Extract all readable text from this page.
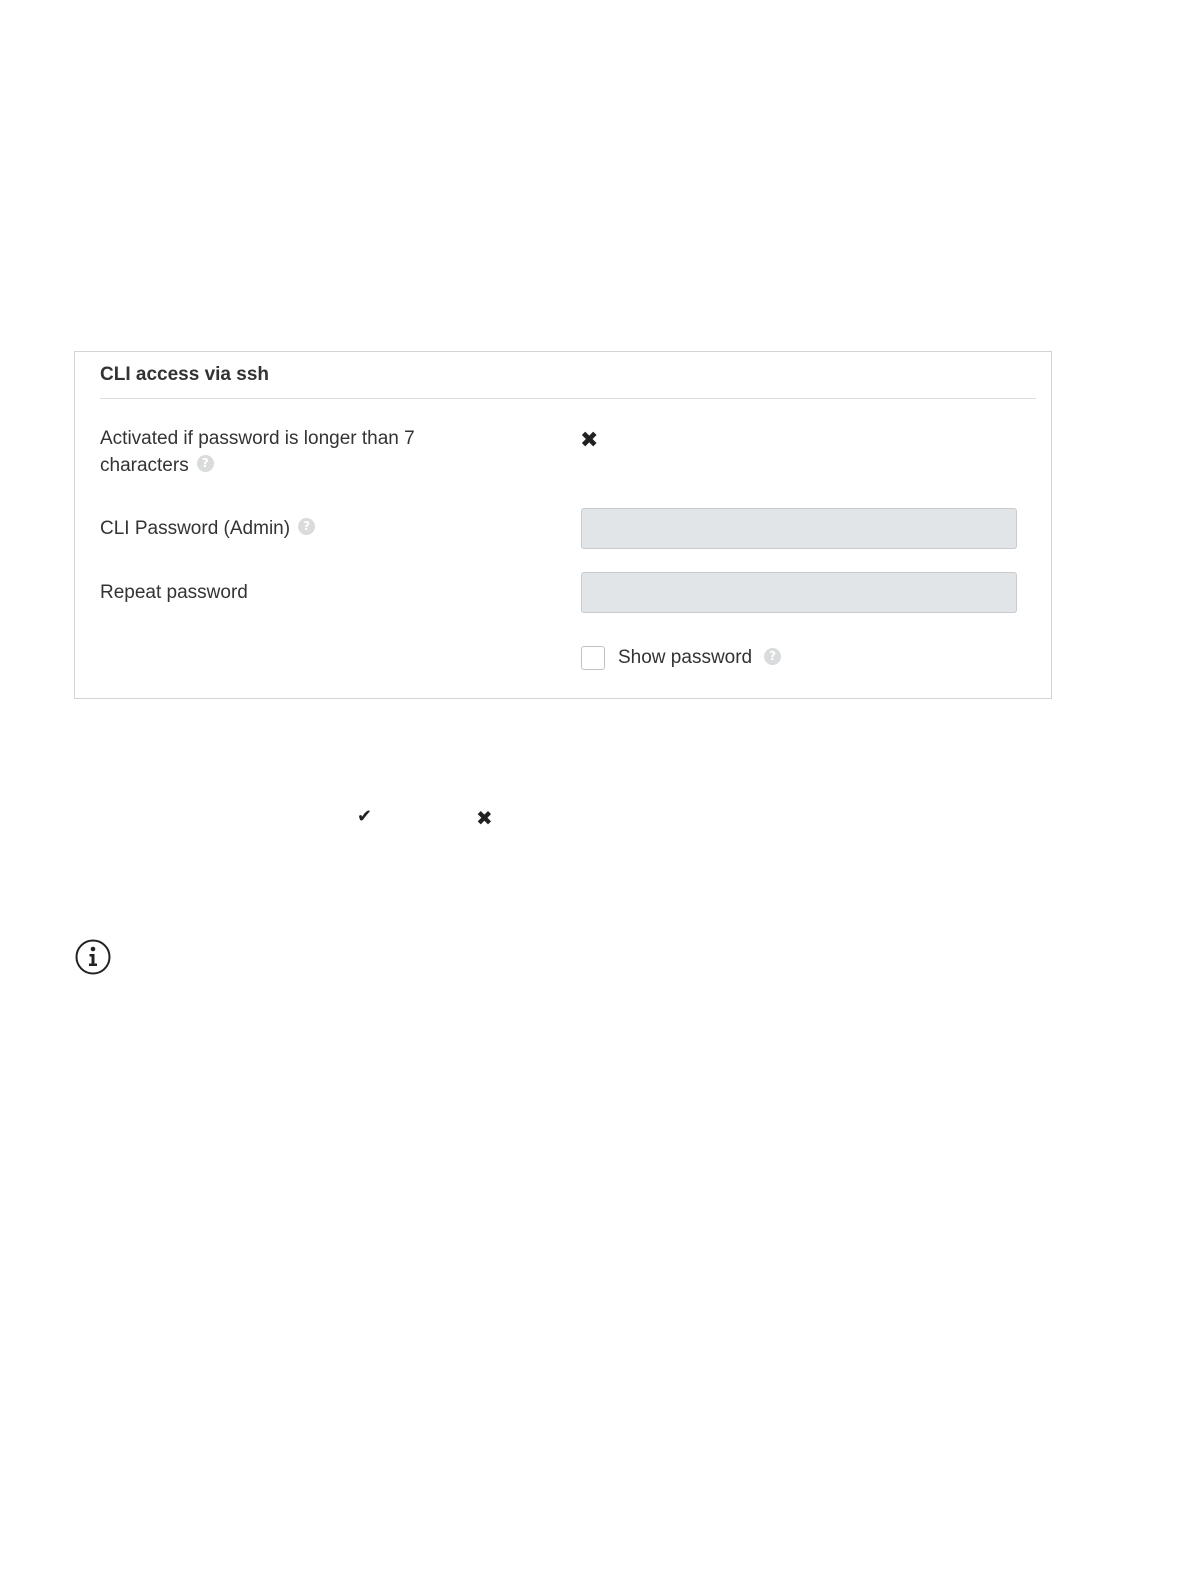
CLI access via ssh
Activated if password is longer than 7
characters ?
✖
CLI Password (Admin) ?
Repeat password
Show password	?
✔	✖
